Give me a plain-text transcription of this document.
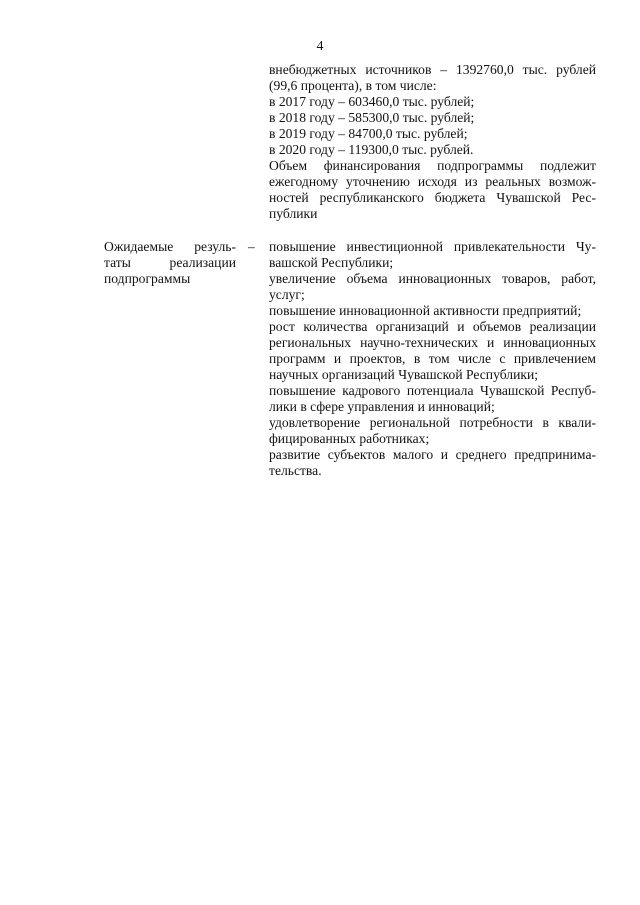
4
внебюджетных источников – 1392760,0 тыс. рублей
(99,6 процента), в том числе:
в 2017 году – 603460,0 тыс. рублей;
в 2018 году – 585300,0 тыс. рублей;
в 2019 году – 84700,0 тыс. рублей;
в 2020 году – 119300,0 тыс. рублей.
Объем финансирования подпрограммы подлежит
ежегодному уточнению исходя из реальных возмож-
ностей республиканского бюджета Чувашской Рес-
публики
Ожидаемые резуль-
таты реализации
подпрограммы
– повышение инвестиционной привлекательности Чу-
вашской Республики;
увеличение объема инновационных товаров, работ,
услуг;
повышение инновационной активности предприятий;
рост количества организаций и объемов реализации
региональных научно-технических и инновационных
программ и проектов, в том числе с привлечением
научных организаций Чувашской Республики;
повышение кадрового потенциала Чувашской Респуб-
лики в сфере управления и инноваций;
удовлетворение региональной потребности в квали-
фицированных работниках;
развитие субъектов малого и среднего предпринима-
тельства.
